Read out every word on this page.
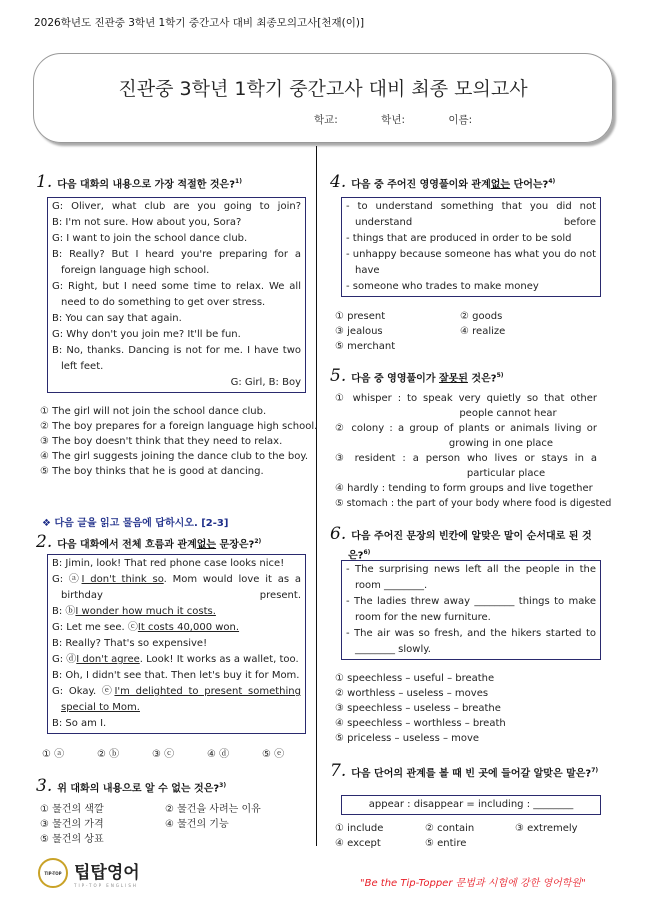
2026학년도 진관중 3학년 1학기 중간고사 대비 최종모의고사[천재(이)]
진관중 3학년 1학기 중간고사 대비 최종 모의고사
학교:	학년:	이름:
1. 다음 대화의 내용으로 가장 적절한 것은?$^{1)}$
G: Oliver, what club are you going to join?
B: I'm not sure. How about you, Sora?
G: I want to join the school dance club.
B: Really? But I heard you're preparing for a foreign language high school.
G: Right, but I need some time to relax. We all need to do something to get over stress.
B: You can say that again.
G: Why don't you join me? It'll be fun.
B: No, thanks. Dancing is not for me. I have two left feet.
G: Girl, B: Boy
① The girl will not join the school dance club.
② The boy prepares for a foreign language high school.
③ The boy doesn't think that they need to relax.
④ The girl suggests joining the dance club to the boy.
⑤ The boy thinks that he is good at dancing.
❖ 다음 글을 읽고 물음에 답하시오. [2-3]
2. 다음 대화에서 전체 흐름과 관계없는 문장은?$^{2)}$
B: Jimin, look! That red phone case looks nice!
G: ⓐI don't think so. Mom would love it as a birthday present.
B: ⓑI wonder how much it costs.
G: Let me see. ⓒIt costs 40,000 won.
B: Really? That's so expensive!
G: ⓓI don't agree. Look! It works as a wallet, too.
B: Oh, I didn't see that. Then let's buy it for Mom.
G: Okay. ⓔI'm delighted to present something special to Mom.
B: So am I.
① ⓐ	② ⓑ	③ ⓒ	④ ⓓ	⑤ ⓔ
3. 위 대화의 내용으로 알 수 없는 것은?$^{3)}$
① 물건의 색깔	② 물건을 사려는 이유
③ 물건의 가격	④ 물건의 기능
⑤ 물건의 상표
4. 다음 중 주어진 영영풀이와 관계없는 단어는?$^{4)}$
- to understand something that you did not understand before
- things that are produced in order to be sold
- unhappy because someone has what you do not have
- someone who trades to make money
① present	② goods
③ jealous	④ realize
⑤ merchant
5. 다음 중 영영풀이가 잘못된 것은?$^{5)}$
① whisper : to speak very quietly so that other people cannot hear
② colony : a group of plants or animals living or growing in one place
③ resident : a person who lives or stays in a particular place
④ hardly : tending to form groups and live together
⑤ stomach : the part of your body where food is digested
6. 다음 주어진 문장의 빈칸에 알맞은 말이 순서대로 된 것은?$^{6)}$
- The surprising news left all the people in the room ________.
- The ladies threw away ________ things to make room for the new furniture.
- The air was so fresh, and the hikers started to ________ slowly.
① speechless – useful – breathe
② worthless – useless – moves
③ speechless – useless – breathe
④ speechless – worthless – breath
⑤ priceless – useless – move
7. 다음 단어의 관계를 볼 때 빈 곳에 들어갈 알맞은 말은?$^{7)}$
appear : disappear = including : ________
① include	② contain	③ extremely
④ except	⑤ entire
TIP-TOP 팁탑영어
TIP-TOP ENGLISH	"Be the Tip-Topper 문법과 시험에 강한 영어학원"
